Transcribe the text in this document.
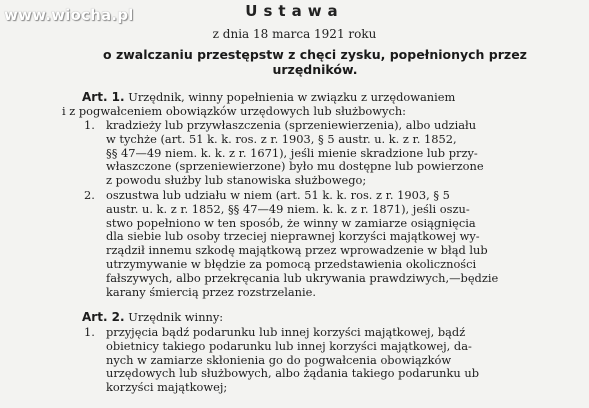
www.wiocha.pl	Ustawa
z dnia 18 marca 1921 roku
o zwalczaniu przestępstw z chęci zysku, popełnionych przez
urzędników.
Art. 1. Urzędnik, winny popełnienia w związku z urzędowaniem
i z pogwałceniem obowiązków urzędowych lub służbowych:
1. kradzieży lub przywłaszczenia (sprzeniewierzenia), albo udziału
w tychże (art. 51 k. k. ros. z r. 1903, § 5 austr. u. k. z r. 1852,
§§ 47—49 niem. k. k. z r. 1671), jeśli mienie skradzione lub przy-
właszczone (sprzeniewierzone) było mu dostępne lub powierzone
z powodu służby lub stanowiska służbowego;
2. oszustwa lub udziału w niem (art. 51 k. k. ros. z r. 1903, § 5
austr. u. k. z r. 1852, §§ 47—49 niem. k. k. z r. 1871), jeśli oszu-
stwo popełniono w ten sposób, że winny w zamiarze osiągnięcia
dla siebie lub osoby trzeciej nieprawnej korzyści majątkowej wy-
rządził innemu szkodę majątkową przez wprowadzenie w błąd lub
utrzymywanie w błędzie za pomocą przedstawienia okoliczności
fałszywych, albo przekręcania lub ukrywania prawdziwych,—będzie
karany śmiercią przez rozstrzelanie.
Art. 2. Urzędnik winny:
1. przyjęcia bądź podarunku lub innej korzyści majątkowej, bądź
obietnicy takiego podarunku lub innej korzyści majątkowej, da-
nych w zamiarze skłonienia go do pogwałcenia obowiązków
urzędowych lub służbowych, albo żądania takiego podarunku ub
korzyści majątkowej;
